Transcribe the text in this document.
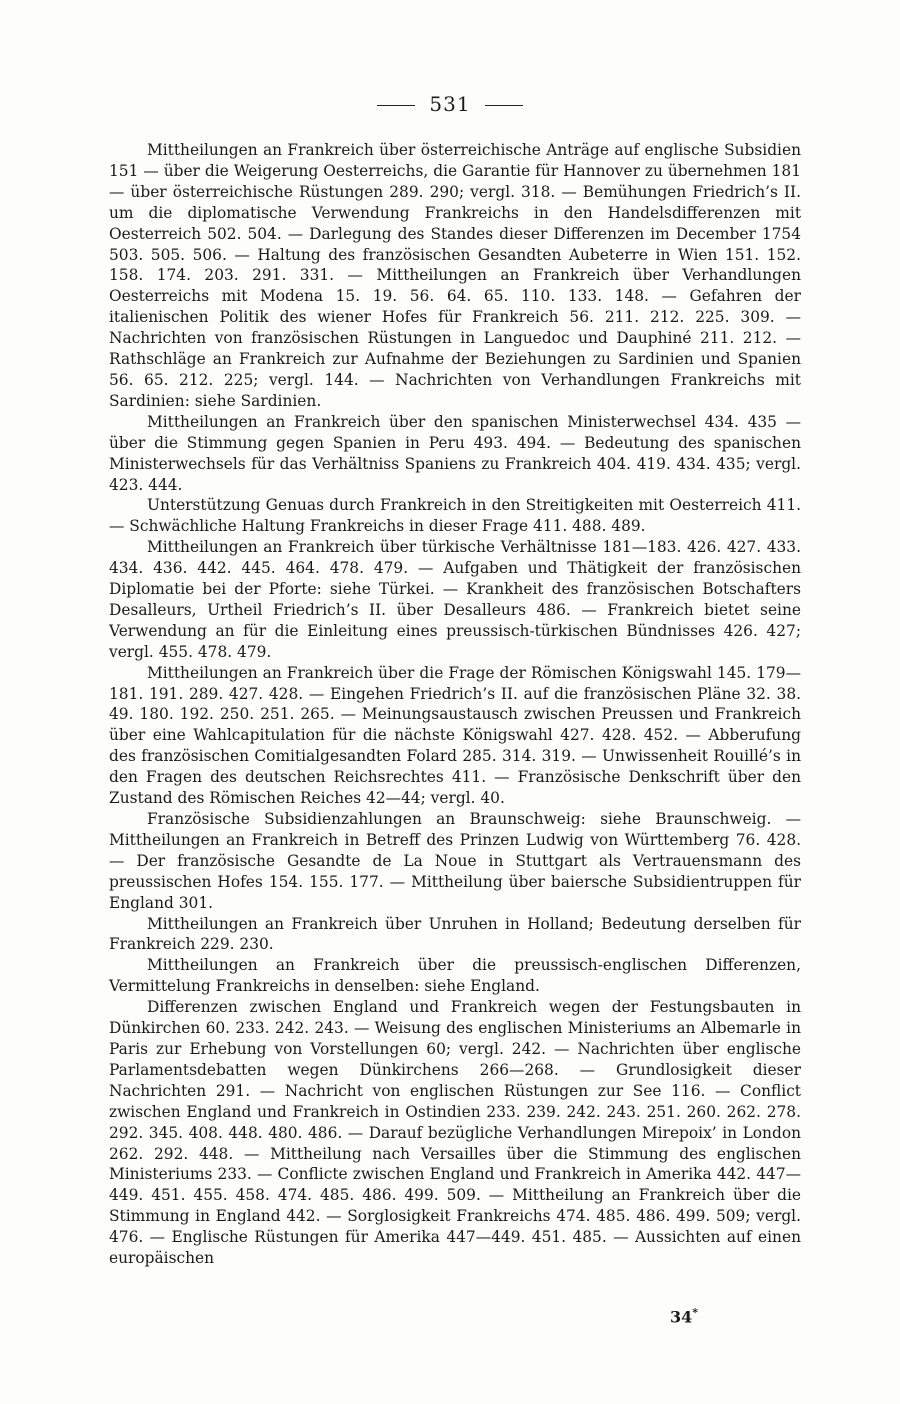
531

Mittheilungen an Frankreich über österreichische Anträge auf englische Subsidien 151 — über die Weigerung Oesterreichs, die Garantie für Hannover zu übernehmen 181 — über österreichische Rüstungen 289. 290; vergl. 318. — Bemühungen Friedrich’s II. um die diplomatische Verwendung Frankreichs in den Handelsdifferenzen mit Oesterreich 502. 504. — Darlegung des Standes dieser Differenzen im December 1754 503. 505. 506. — Haltung des französischen Gesandten Aubeterre in Wien 151. 152. 158. 174. 203. 291. 331. — Mittheilungen an Frankreich über Verhandlungen Oesterreichs mit Modena 15. 19. 56. 64. 65. 110. 133. 148. — Gefahren der italienischen Politik des wiener Hofes für Frankreich 56. 211. 212. 225. 309. — Nachrichten von französischen Rüstungen in Languedoc und Dauphiné 211. 212. — Rathschläge an Frankreich zur Aufnahme der Beziehungen zu Sardinien und Spanien 56. 65. 212. 225; vergl. 144. — Nachrichten von Verhandlungen Frankreichs mit Sardinien: siehe Sardinien.

Mittheilungen an Frankreich über den spanischen Ministerwechsel 434. 435 — über die Stimmung gegen Spanien in Peru 493. 494. — Bedeutung des spanischen Ministerwechsels für das Verhältniss Spaniens zu Frankreich 404. 419. 434. 435; vergl. 423. 444.

Unterstützung Genuas durch Frankreich in den Streitigkeiten mit Oesterreich 411. — Schwächliche Haltung Frankreichs in dieser Frage 411. 488. 489.

Mittheilungen an Frankreich über türkische Verhältnisse 181—183. 426. 427. 433. 434. 436. 442. 445. 464. 478. 479. — Aufgaben und Thätigkeit der französischen Diplomatie bei der Pforte: siehe Türkei. — Krankheit des französischen Botschafters Desalleurs, Urtheil Friedrich’s II. über Desalleurs 486. — Frankreich bietet seine Verwendung an für die Einleitung eines preussisch-türkischen Bündnisses 426. 427; vergl. 455. 478. 479.

Mittheilungen an Frankreich über die Frage der Römischen Königswahl 145. 179—181. 191. 289. 427. 428. — Eingehen Friedrich’s II. auf die französischen Pläne 32. 38. 49. 180. 192. 250. 251. 265. — Meinungsaustausch zwischen Preussen und Frankreich über eine Wahlcapitulation für die nächste Königswahl 427. 428. 452. — Abberufung des französischen Comitialgesandten Folard 285. 314. 319. — Unwissenheit Rouillé’s in den Fragen des deutschen Reichsrechtes 411. — Französische Denkschrift über den Zustand des Römischen Reiches 42—44; vergl. 40.

Französische Subsidienzahlungen an Braunschweig: siehe Braunschweig. — Mittheilungen an Frankreich in Betreff des Prinzen Ludwig von Württemberg 76. 428. — Der französische Gesandte de La Noue in Stuttgart als Vertrauensmann des preussischen Hofes 154. 155. 177. — Mittheilung über baiersche Subsidientruppen für England 301.

Mittheilungen an Frankreich über Unruhen in Holland; Bedeutung derselben für Frankreich 229. 230.

Mittheilungen an Frankreich über die preussisch-englischen Differenzen, Vermittelung Frankreichs in denselben: siehe England.

Differenzen zwischen England und Frankreich wegen der Festungsbauten in Dünkirchen 60. 233. 242. 243. — Weisung des englischen Ministeriums an Albemarle in Paris zur Erhebung von Vorstellungen 60; vergl. 242. — Nachrichten über englische Parlamentsdebatten wegen Dünkirchens 266—268. — Grundlosigkeit dieser Nachrichten 291. — Nachricht von englischen Rüstungen zur See 116. — Conflict zwischen England und Frankreich in Ostindien 233. 239. 242. 243. 251. 260. 262. 278. 292. 345. 408. 448. 480. 486. — Darauf bezügliche Verhandlungen Mirepoix’ in London 262. 292. 448. — Mittheilung nach Versailles über die Stimmung des englischen Ministeriums 233. — Conflicte zwischen England und Frankreich in Amerika 442. 447—449. 451. 455. 458. 474. 485. 486. 499. 509. — Mittheilung an Frankreich über die Stimmung in England 442. — Sorglosigkeit Frankreichs 474. 485. 486. 499. 509; vergl. 476. — Englische Rüstungen für Amerika 447—449. 451. 485. — Aussichten auf einen europäischen

34*
